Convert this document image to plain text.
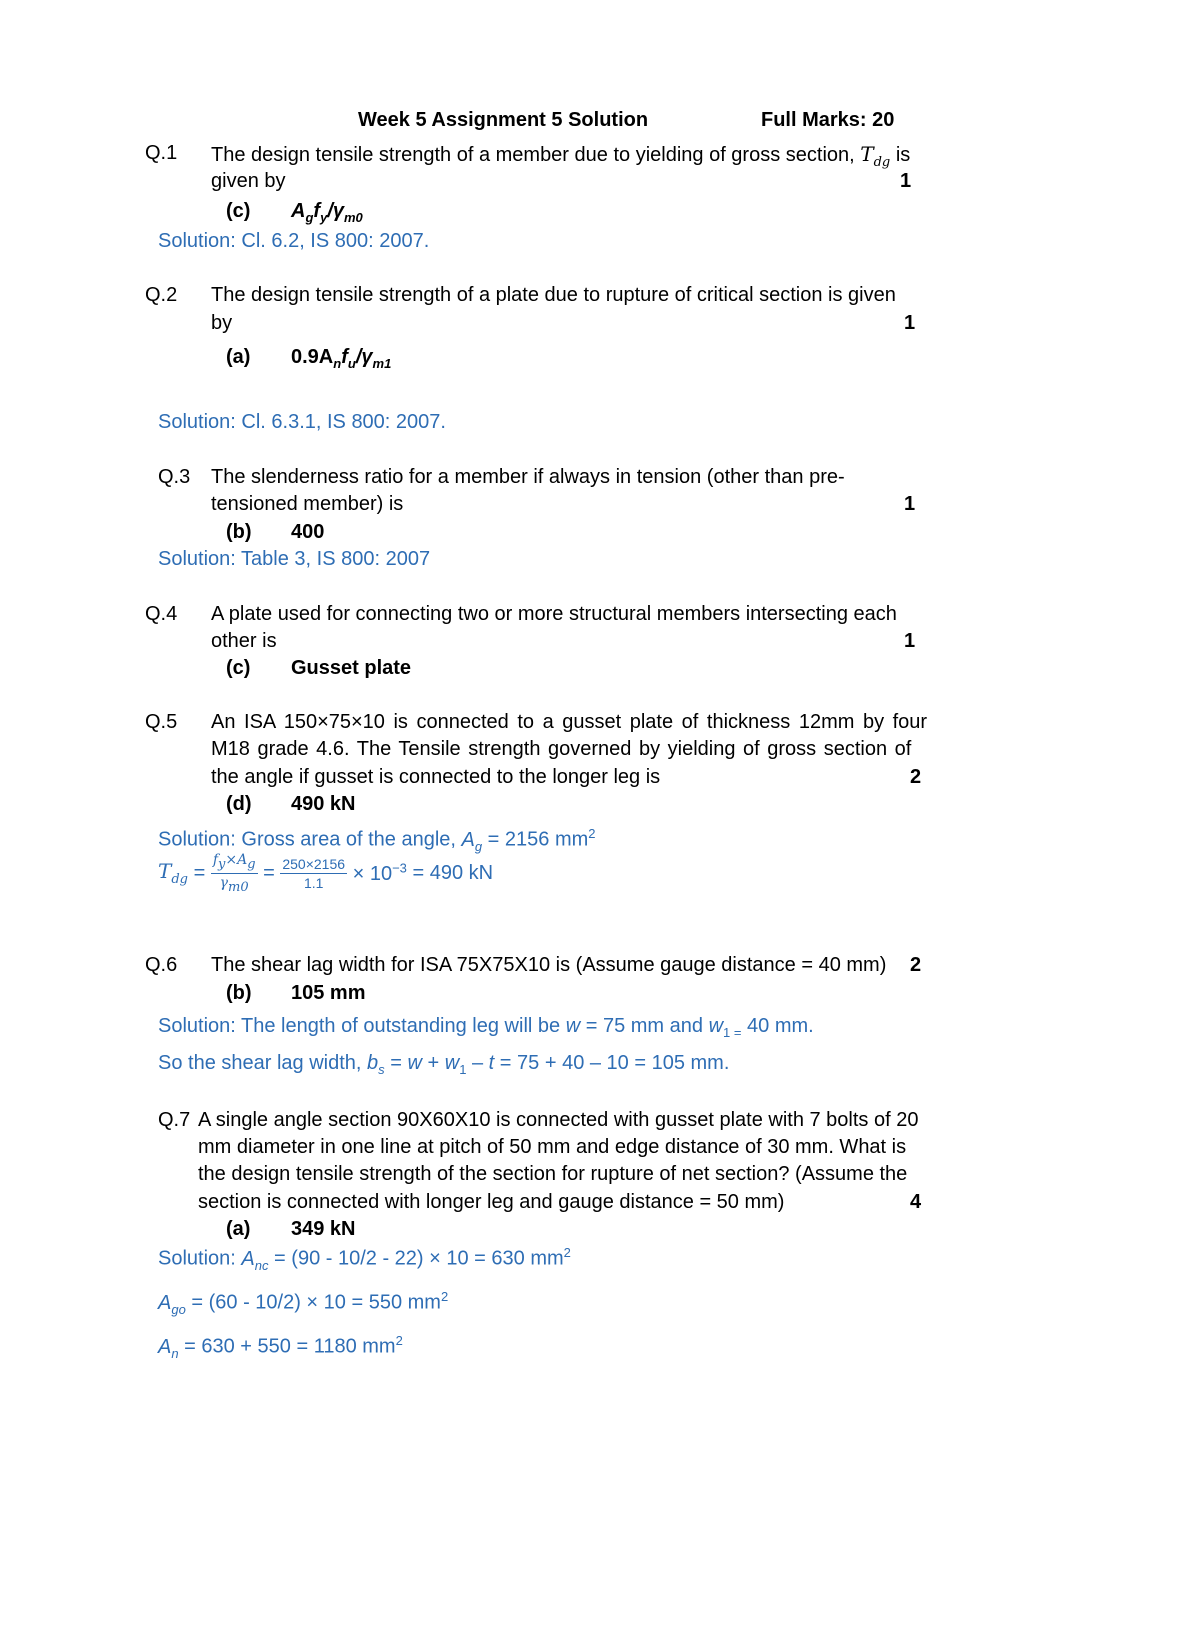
Week 5 Assignment 5 Solution	Full Marks: 20
Q.1 The design tensile strength of a member due to yielding of gross section, $T_{dg}$ is
given by	1
(c) $A_gf_y/\gamma_{m0}$
Solution: Cl. 6.2, IS 800: 2007.
Q.2 The design tensile strength of a plate due to rupture of critical section is given
by	1
(a) $0.9A_nf_u/\gamma_{m1}$
Solution: Cl. 6.3.1, IS 800: 2007.
Q.3 The slenderness ratio for a member if always in tension (other than pre-
tensioned member) is	1
(b) 400
Solution: Table 3, IS 800: 2007
Q.4 A plate used for connecting two or more structural members intersecting each
other is	1
(c) Gusset plate
Q.5 An ISA 150×75×10 is connected to a gusset plate of thickness 12mm by four
M18 grade 4.6. The Tensile strength governed by yielding of gross section of
the angle if gusset is connected to the longer leg is	2
(d) 490 kN
Solution: Gross area of the angle, $A_g = 2156$ $mm^2$
$T_{dg} = \frac{f_y\times A_g}{\gamma_{m0}} = \frac{250\times 2156}{1.1} \times 10^{-3} = 490$ kN
Q.6 The shear lag width for ISA 75X75X10 is (Assume gauge distance = 40 mm) 2
(b) 105 mm
Solution: The length of outstanding leg will be w = 75 mm and $w_{1 =}$ 40 mm.
So the shear lag width, $b_s = w + w_1 - t = 75 + 40 - 10 = 105$ mm.
Q.7 A single angle section 90X60X10 is connected with gusset plate with 7 bolts of 20
mm diameter in one line at pitch of 50 mm and edge distance of 30 mm. What is
the design tensile strength of the section for rupture of net section? (Assume the
section is connected with longer leg and gauge distance = 50 mm)	4
(a) 349 kN
Solution: $A_{nc} = (90 - 10/2 - 22) \times 10 = 630$ $mm^2$
$A_{go} = (60 - 10/2) \times 10 = 550$ $mm^2$
$A_n = 630 + 550 = 1180$ $mm^2$
